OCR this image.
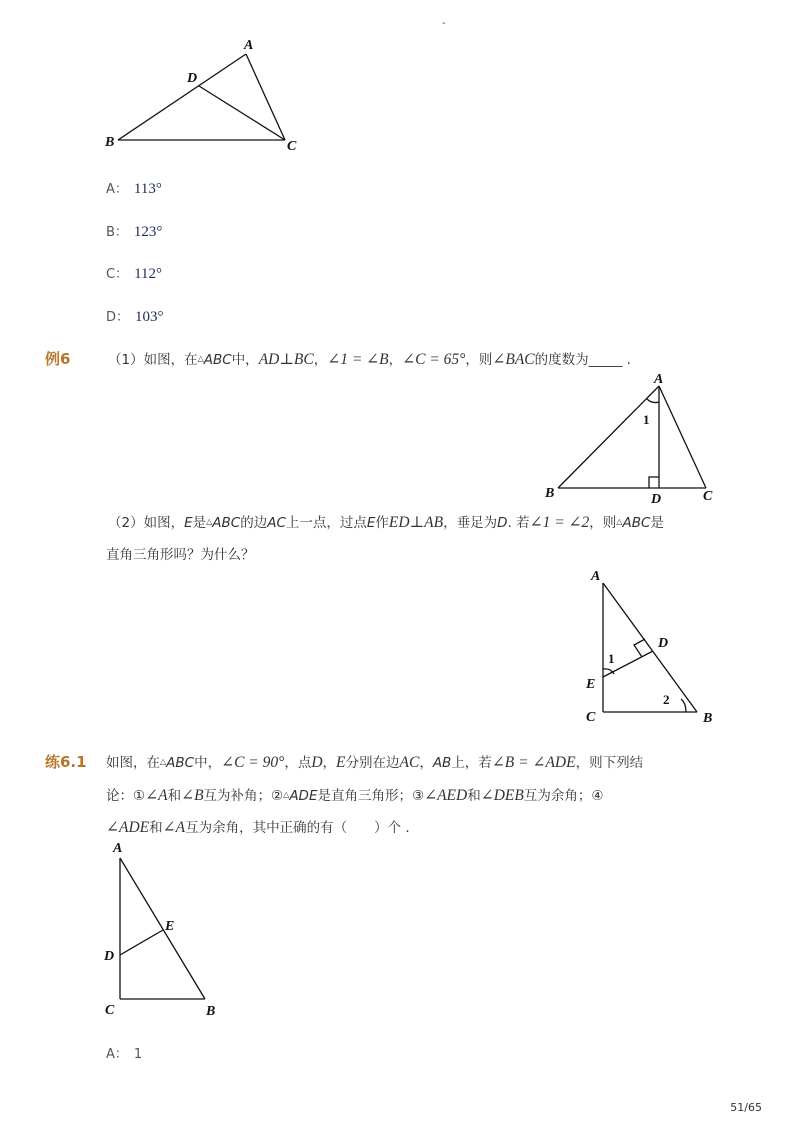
-
A
D
B	C
A： 113°
B： 123°
C： 112°
D： 103°
例6	（1）如图，在△ABC中，AD⊥BC，∠1 = ∠B，∠C = 65°，则∠BAC的度数为_____ .
A
1
B	D	C
（2）如图，E是△ABC的边AC上一点，过点E作ED⊥AB，垂足为D. 若∠1 = ∠2，则△ABC是
直角三角形吗？为什么？
A
D
1
E
2
C	B
练6.1 如图，在△ABC中，∠C = 90°，点D，E分别在边AC，AB上，若∠B = ∠ADE，则下列结
论：①∠A和∠B互为补角；②△ADE是直角三角形；③∠AED和∠DEB互为余角；④
∠ADE和∠A互为余角，其中正确的有（　　）个 .
A
E
D
C	B
A： 1
51/65
